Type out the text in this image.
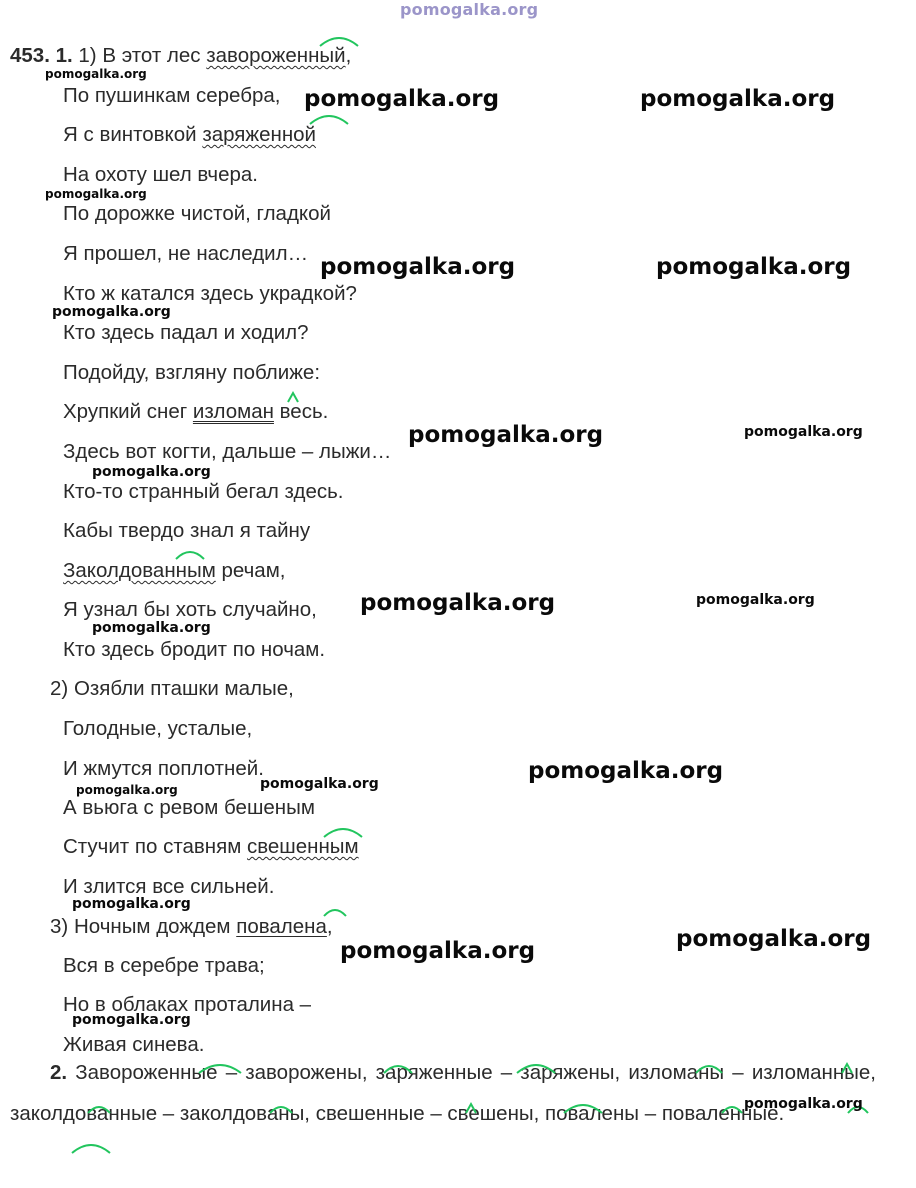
pomogalka.org
453. 1. 1) В этот лес завороженный,
По пушинкам серебра,
Я с винтовкой заряженной
На охоту шел вчера.
По дорожке чистой, гладкой
Я прошел, не наследил…
Кто ж катался здесь украдкой?
Кто здесь падал и ходил?
Подойду, взгляну поближе:
Хрупкий снег изломан весь.
Здесь вот когти, дальше – лыжи…
Кто-то странный бегал здесь.
Кабы твердо знал я тайну
Заколдованным речам,
Я узнал бы хоть случайно,
Кто здесь бродит по ночам.
2) Озябли пташки малые,
Голодные, усталые,
И жмутся поплотней.
А вьюга с ревом бешеным
Стучит по ставням свешенным
И злится все сильней.
3) Ночным дождем повалена,
Вся в серебре трава;
Но в облаках проталина –
Живая синева.
2. Завороженные – заворожены, заряженные – заряжены, изломаны – изломанные, заколдованные – заколдованы, свешенные – свешены, повалены – поваленные.
pomogalka.org
pomogalka.org	pomogalka.org
pomogalka.org
pomogalka.org	pomogalka.org
pomogalka.org
pomogalka.org	pomogalka.org
pomogalka.org
pomogalka.org	pomogalka.org
pomogalka.org
pomogalka.org
pomogalka.org
pomogalka.org
pomogalka.org
pomogalka.org
pomogalka.org
pomogalka.org
pomogalka.org
